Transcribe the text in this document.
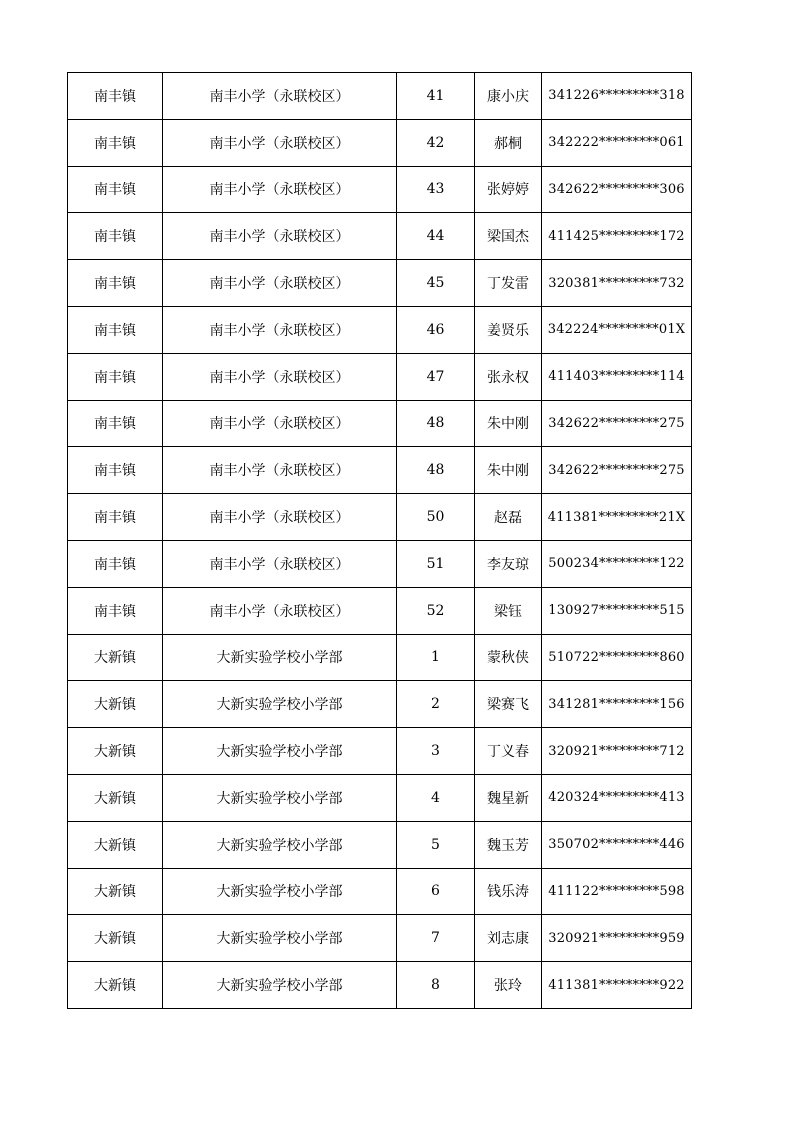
南丰镇	南丰小学（永联校区）	41	康小庆	341226*********318
南丰镇	南丰小学（永联校区）	42	郝桐	342222*********061
南丰镇	南丰小学（永联校区）	43	张婷婷	342622*********306
南丰镇	南丰小学（永联校区）	44	梁国杰	411425*********172
南丰镇	南丰小学（永联校区）	45	丁发雷	320381*********732
南丰镇	南丰小学（永联校区）	46	姜贤乐	342224*********01X
南丰镇	南丰小学（永联校区）	47	张永权	411403*********114
南丰镇	南丰小学（永联校区）	48	朱中刚	342622*********275
南丰镇	南丰小学（永联校区）	48	朱中刚	342622*********275
南丰镇	南丰小学（永联校区）	50	赵磊	411381*********21X
南丰镇	南丰小学（永联校区）	51	李友琼	500234*********122
南丰镇	南丰小学（永联校区）	52	梁钰	130927*********515
大新镇	大新实验学校小学部	1	蒙秋侠	510722*********860
大新镇	大新实验学校小学部	2	梁赛飞	341281*********156
大新镇	大新实验学校小学部	3	丁义春	320921*********712
大新镇	大新实验学校小学部	4	魏星新	420324*********413
大新镇	大新实验学校小学部	5	魏玉芳	350702*********446
大新镇	大新实验学校小学部	6	钱乐涛	411122*********598
大新镇	大新实验学校小学部	7	刘志康	320921*********959
大新镇	大新实验学校小学部	8	张玲	411381*********922
